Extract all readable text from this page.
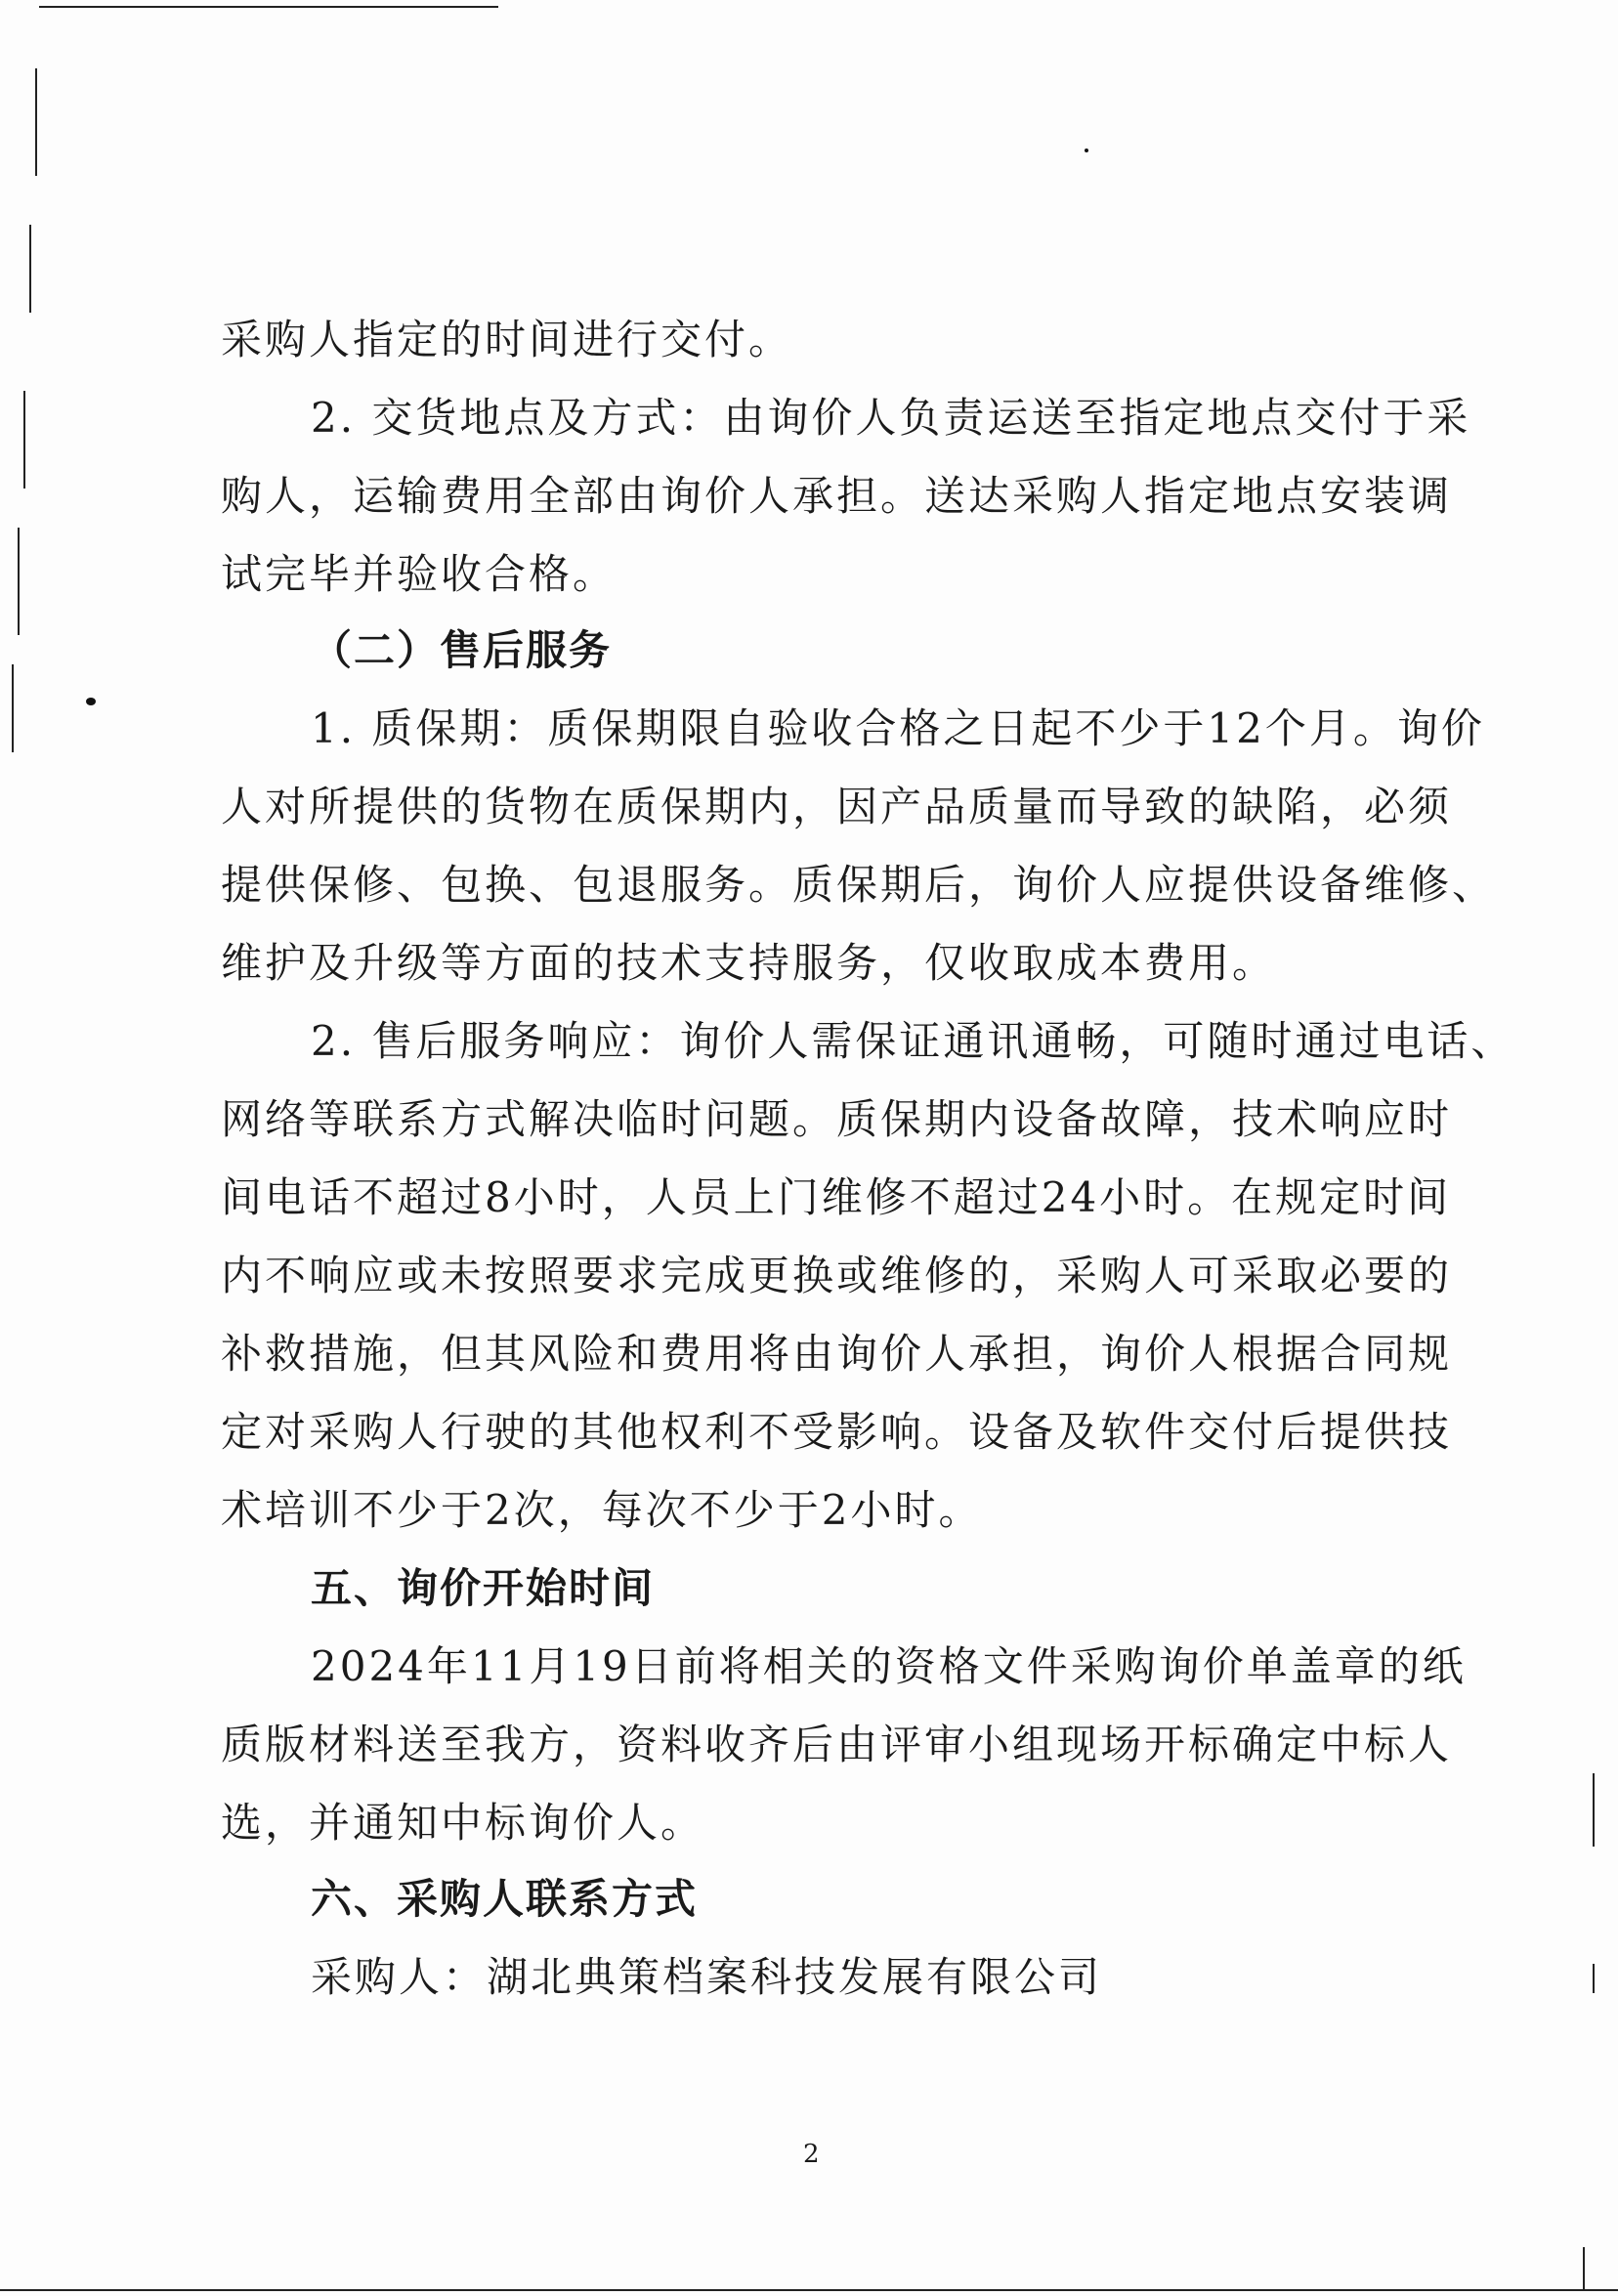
采购人指定的时间进行交付。
2. 交货地点及方式：由询价人负责运送至指定地点交付于采
购人，运输费用全部由询价人承担。送达采购人指定地点安装调
试完毕并验收合格。
（二）售后服务
1. 质保期：质保期限自验收合格之日起不少于12个月。询价
人对所提供的货物在质保期内，因产品质量而导致的缺陷，必须
提供保修、包换、包退服务。质保期后，询价人应提供设备维修、
维护及升级等方面的技术支持服务，仅收取成本费用。
2. 售后服务响应：询价人需保证通讯通畅，可随时通过电话、
网络等联系方式解决临时问题。质保期内设备故障，技术响应时
间电话不超过8小时，人员上门维修不超过24小时。在规定时间
内不响应或未按照要求完成更换或维修的，采购人可采取必要的
补救措施，但其风险和费用将由询价人承担，询价人根据合同规
定对采购人行驶的其他权利不受影响。设备及软件交付后提供技
术培训不少于2次，每次不少于2小时。
五、询价开始时间
2024年11月19日前将相关的资格文件采购询价单盖章的纸
质版材料送至我方，资料收齐后由评审小组现场开标确定中标人
选，并通知中标询价人。
六、采购人联系方式
采购人：湖北典策档案科技发展有限公司
2
